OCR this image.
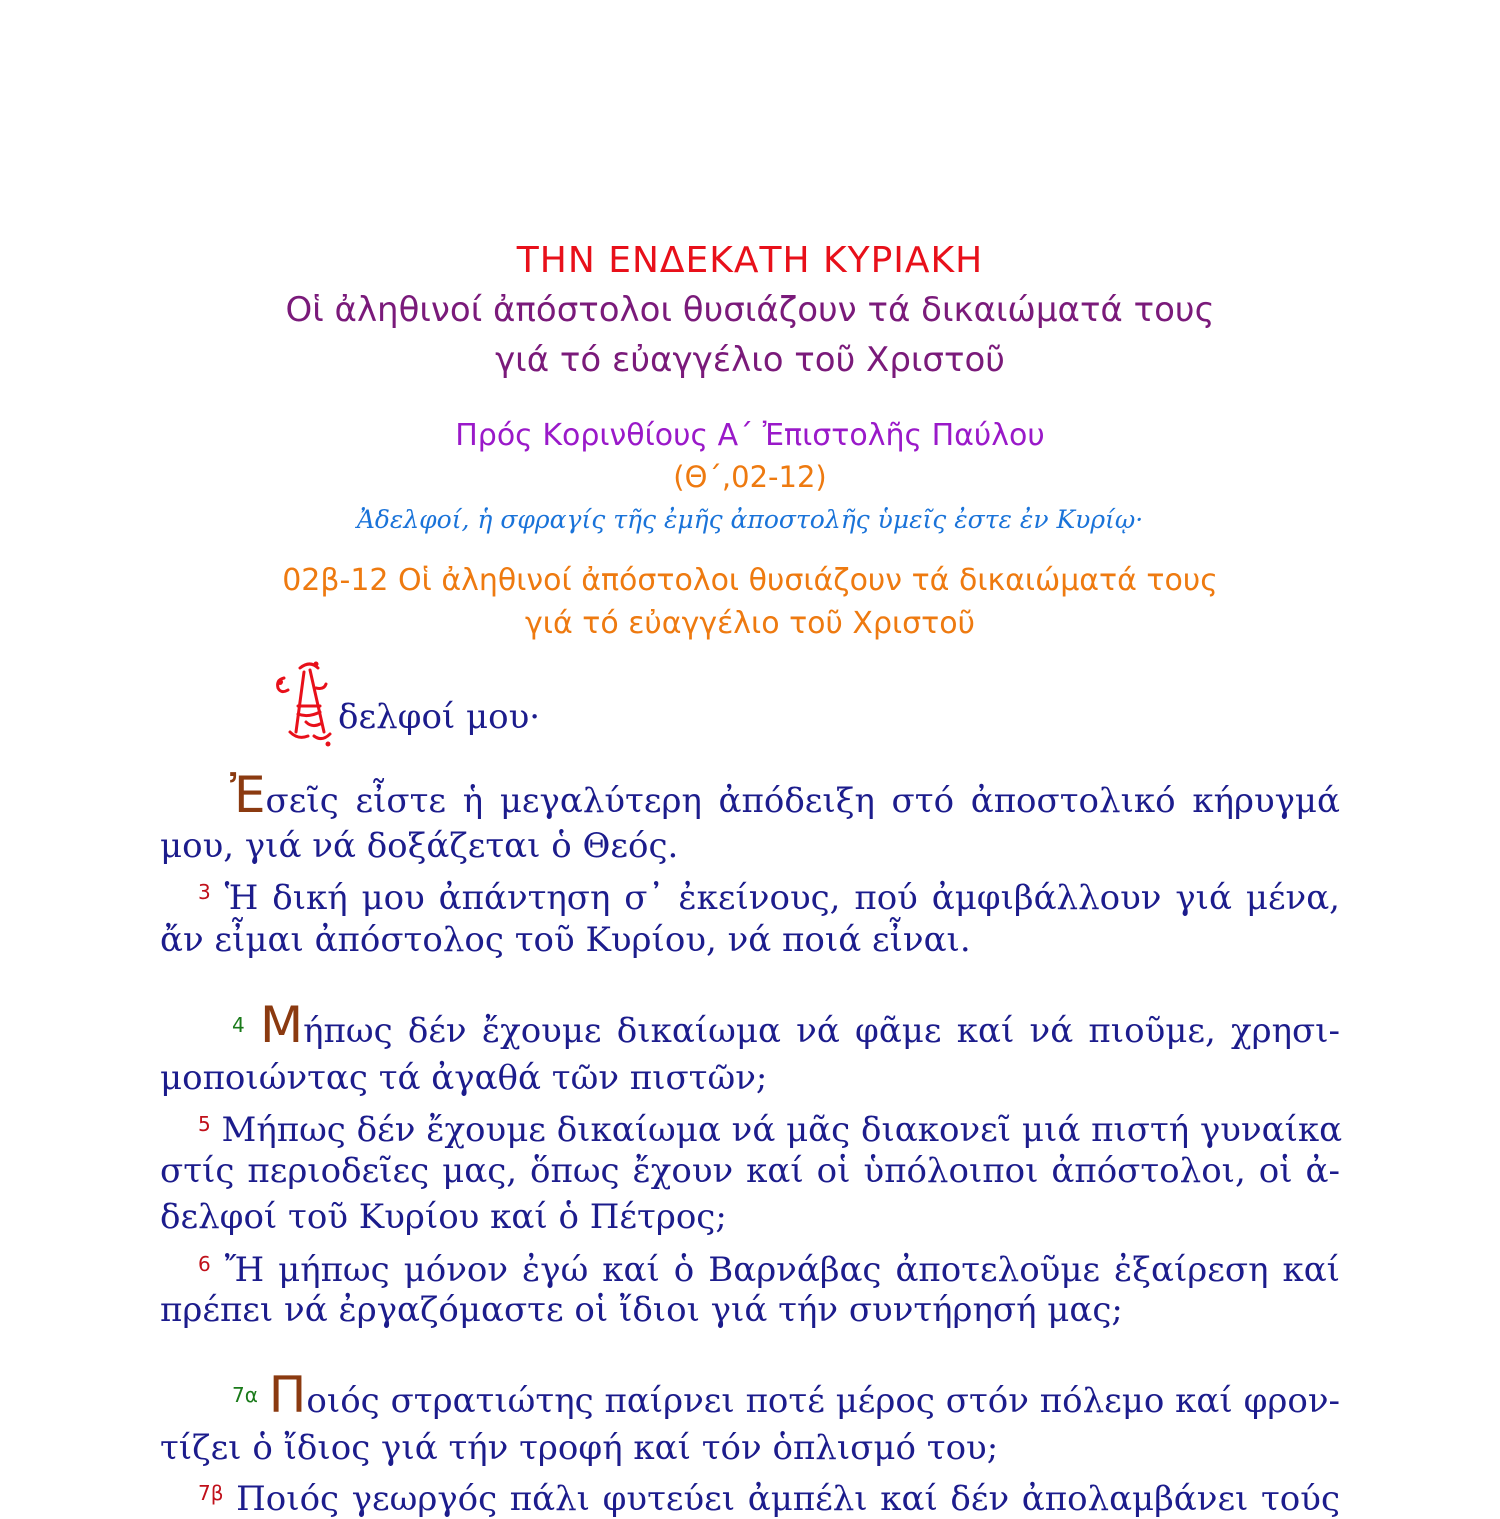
ΤΗΝ ΕΝΔΕΚΑΤΗ ΚΥΡΙΑΚΗ
Οἱ ἀληθινοί ἀπόστολοι θυσιάζουν τά δικαιώματά τους
γιά τό εὐαγγέλιο τοῦ Χριστοῦ
Πρός Κορινθίους Α΄ Ἐπιστολῆς Παύλου
(Θ΄,02-12)
Ἀδελφοί, ἡ σφραγίς τῆς ἐμῆς ἀποστολῆς ὑμεῖς ἐστε ἐν Κυρίῳ·
02β-12 Οἱ ἀληθινοί ἀπόστολοι θυσιάζουν τά δικαιώματά τους
γιά τό εὐαγγέλιο τοῦ Χριστοῦ
δελφοί μου·
Ἐσεῖς εἶστε ἡ μεγαλύτερη ἀπόδειξη στό ἀποστολικό κήρυγμά
μου, γιά νά δοξάζεται ὁ Θεός.
$^3$ Ἡ δική μου ἀπάντηση σ᾽ ἐκείνους, πού ἀμφιβάλλουν γιά μένα,
ἄν εἶμαι ἀπόστολος τοῦ Κυρίου, νά ποιά εἶναι.
$^4$ Μήπως δέν ἔχουμε δικαίωμα νά φᾶμε καί νά πιοῦμε, χρησι-
μοποιώντας τά ἀγαθά τῶν πιστῶν;
$^5$ Μήπως δέν ἔχουμε δικαίωμα νά μᾶς διακονεῖ μιά πιστή γυναίκα
στίς περιοδεῖες μας, ὅπως ἔχουν καί οἱ ὑπόλοιποι ἀπόστολοι, οἱ ἀ-
δελφοί τοῦ Κυρίου καί ὁ Πέτρος;
$^6$ Ἤ μήπως μόνον ἐγώ καί ὁ Βαρνάβας ἀποτελοῦμε ἐξαίρεση καί
πρέπει νά ἐργαζόμαστε οἱ ἴδιοι γιά τήν συντήρησή μας;
$^{7\alpha}$ Ποιός στρατιώτης παίρνει ποτέ μέρος στόν πόλεμο καί φρον-
τίζει ὁ ἴδιος γιά τήν τροφή καί τόν ὁπλισμό του;
$^{7\beta}$ Ποιός γεωργός πάλι φυτεύει ἀμπέλι καί δέν ἀπολαμβάνει τούς
